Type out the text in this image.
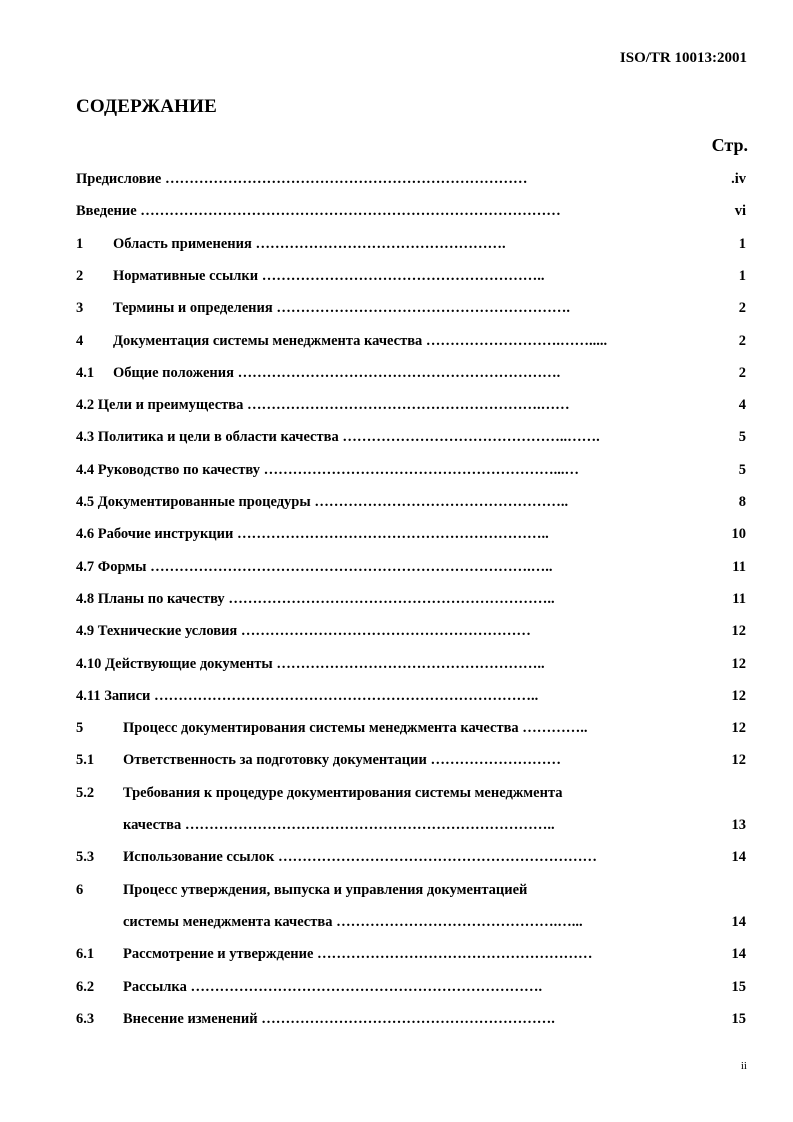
ISO/TR 10013:2001
СОДЕРЖАНИЕ
Стр.
Предисловие …………………………………………………………………	.iv
Введение ……………………………………………………………………………	vi
1 Область применения …………………………………………….	1
2 Нормативные ссылки …………………………………………………..	1
3 Термины и определения …………………………………………………….	2
4 Документация системы менеджмента качества ……………………….…….....	2
4.1 Общие положения ………………………………………………………….	2
4.2 Цели и преимущества …………………………………………………….……	4
4.3 Политика и цели в области качества ………………………………………..…….	5
4.4 Руководство по качеству ……………………………………………………...…	5
4.5 Документированные процедуры ……………………………………………..	8
4.6 Рабочие инструкции ………………………………………………………..	10
4.7 Формы …………………………………………………………………….…..	11
4.8 Планы по качеству …………………………………………………………..	11
4.9 Технические условия ……………………………………………………	12
4.10 Действующие документы ………………………………………………..	12
4.11 Записи ……………………………………………………………………..	12
5	Процесс документирования системы менеджмента качества …………..	12
5.1 Ответственность за подготовку документации ………………………	12
5.2 Требования к процедуре документирования системы менеджмента
качества …………………………………………………………………..	13
5.3 Использование ссылок …………………………………………………………	14
6	Процесс утверждения, выпуска и управления документацией
системы менеджмента качества ……………………………………….…...	14
6.1 Рассмотрение и утверждение …………………………………………………	14
6.2 Рассылка ……………………………………………………………….	15
6.3 Внесение изменений …………………………………………………….	15
ii
